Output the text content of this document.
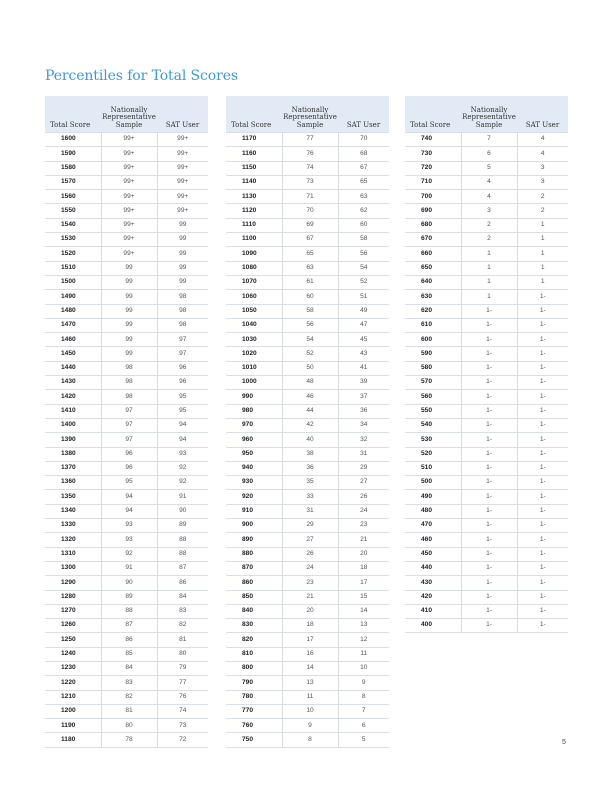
Percentiles for Total Scores
Total Score	Nationally
Representative
Sample	SAT User
1600	99+	99+
1590	99+	99+
1580	99+	99+
1570	99+	99+
1560	99+	99+
1550	99+	99+
1540	99+	99
1530	99+	99
1520	99+	99
1510	99	99
1500	99	99
1490	99	98
1480	99	98
1470	99	98
1460	99	97
1450	99	97
1440	98	96
1430	98	96
1420	98	95
1410	97	95
1400	97	94
1390	97	94
1380	96	93
1370	96	92
1360	95	92
1350	94	91
1340	94	90
1330	93	89
1320	93	88
1310	92	88
1300	91	87
1290	90	86
1280	89	84
1270	88	83
1260	87	82
1250	86	81
1240	85	80
1230	84	79
1220	83	77
1210	82	76
1200	81	74
1190	80	73
1180	78	72
Total Score	Nationally
Representative
Sample	SAT User
1170	77	70
1160	76	68
1150	74	67
1140	73	65
1130	71	63
1120	70	62
1110	69	60
1100	67	58
1090	65	56
1080	63	54
1070	61	52
1060	60	51
1050	58	49
1040	56	47
1030	54	45
1020	52	43
1010	50	41
1000	48	39
990	46	37
980	44	36
970	42	34
960	40	32
950	38	31
940	36	29
930	35	27
920	33	26
910	31	24
900	29	23
890	27	21
880	26	20
870	24	18
860	23	17
850	21	15
840	20	14
830	18	13
820	17	12
810	16	11
800	14	10
790	13	9
780	11	8
770	10	7
760	9	6
750	8	5
Total Score	Nationally
Representative
Sample	SAT User
740	7	4
730	6	4
720	5	3
710	4	3
700	4	2
690	3	2
680	2	1
670	2	1
660	1	1
650	1	1
640	1	1
630	1	1-
620	1-	1-
610	1-	1-
600	1-	1-
590	1-	1-
580	1-	1-
570	1-	1-
560	1-	1-
550	1-	1-
540	1-	1-
530	1-	1-
520	1-	1-
510	1-	1-
500	1-	1-
490	1-	1-
480	1-	1-
470	1-	1-
460	1-	1-
450	1-	1-
440	1-	1-
430	1-	1-
420	1-	1-
410	1-	1-
400	1-	1-
5
